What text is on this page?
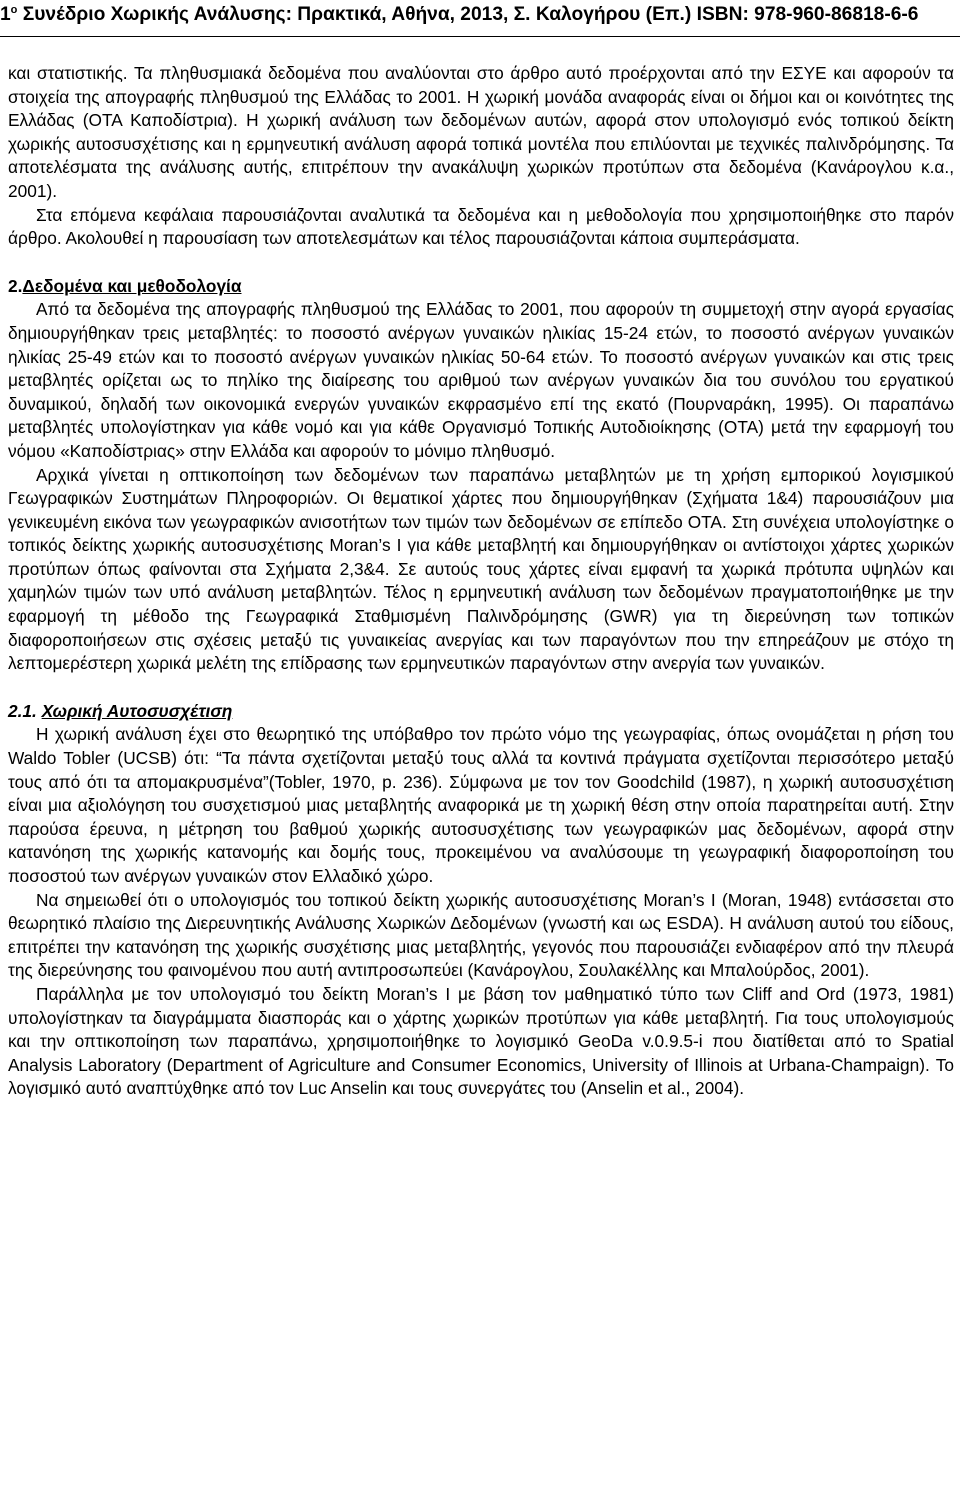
$1^o$ Συνέδριο Χωρικής Ανάλυσης: Πρακτικά, Αθήνα, 2013, Σ. Καλογήρου (Επ.) ISBN: 978-960-86818-6-6

και στατιστικής. Τα πληθυσμιακά δεδομένα που αναλύονται στο άρθρο αυτό προέρχονται από την ΕΣΥΕ και αφορούν τα στοιχεία της απογραφής πληθυσμού της Ελλάδας το 2001. Η χωρική μονάδα αναφοράς είναι οι δήμοι και οι κοινότητες της Ελλάδας (ΟΤΑ Καποδίστρια). Η χωρική ανάλυση των δεδομένων αυτών, αφορά στον υπολογισμό ενός τοπικού δείκτη χωρικής αυτοσυσχέτισης και η ερμηνευτική ανάλυση αφορά τοπικά μοντέλα που επιλύονται με τεχνικές παλινδρόμησης. Τα αποτελέσματα της ανάλυσης αυτής, επιτρέπουν την ανακάλυψη χωρικών προτύπων στα δεδομένα (Κανάρογλου κ.α., 2001).

Στα επόμενα κεφάλαια παρουσιάζονται αναλυτικά τα δεδομένα και η μεθοδολογία που χρησιμοποιήθηκε στο παρόν άρθρο. Ακολουθεί η παρουσίαση των αποτελεσμάτων και τέλος παρουσιάζονται κάποια συμπεράσματα.

2.Δεδομένα και μεθοδολογία

Από τα δεδομένα της απογραφής πληθυσμού της Ελλάδας το 2001, που αφορούν τη συμμετοχή στην αγορά εργασίας δημιουργήθηκαν τρεις μεταβλητές: το ποσοστό ανέργων γυναικών ηλικίας 15-24 ετών, το ποσοστό ανέργων γυναικών ηλικίας 25-49 ετών και το ποσοστό ανέργων γυναικών ηλικίας 50-64 ετών. Το ποσοστό ανέργων γυναικών και στις τρεις μεταβλητές ορίζεται ως το πηλίκο της διαίρεσης του αριθμού των ανέργων γυναικών δια του συνόλου του εργατικού δυναμικού, δηλαδή των οικονομικά ενεργών γυναικών εκφρασμένο επί της εκατό (Πουρναράκη, 1995). Οι παραπάνω μεταβλητές υπολογίστηκαν για κάθε νομό και για κάθε Οργανισμό Τοπικής Αυτοδιοίκησης (ΟΤΑ) μετά την εφαρμογή του νόμου «Καποδίστριας» στην Ελλάδα και αφορούν το μόνιμο πληθυσμό.

Αρχικά γίνεται η οπτικοποίηση των δεδομένων των παραπάνω μεταβλητών με τη χρήση εμπορικού λογισμικού Γεωγραφικών Συστημάτων Πληροφοριών. Οι θεματικοί χάρτες που δημιουργήθηκαν (Σχήματα 1&4) παρουσιάζουν μια γενικευμένη εικόνα των γεωγραφικών ανισοτήτων των τιμών των δεδομένων σε επίπεδο ΟΤΑ. Στη συνέχεια υπολογίστηκε ο τοπικός δείκτης χωρικής αυτοσυσχέτισης Moran’s I για κάθε μεταβλητή και δημιουργήθηκαν οι αντίστοιχοι χάρτες χωρικών προτύπων όπως φαίνονται στα Σχήματα 2,3&4. Σε αυτούς τους χάρτες είναι εμφανή τα χωρικά πρότυπα υψηλών και χαμηλών τιμών των υπό ανάλυση μεταβλητών. Τέλος η ερμηνευτική ανάλυση των δεδομένων πραγματοποιήθηκε με την εφαρμογή τη μέθοδο της Γεωγραφικά Σταθμισμένη Παλινδρόμησης (GWR) για τη διερεύνηση των τοπικών διαφοροποιήσεων στις σχέσεις μεταξύ τις γυναικείας ανεργίας και των παραγόντων που την επηρεάζουν με στόχο τη λεπτομερέστερη χωρικά μελέτη της επίδρασης των ερμηνευτικών παραγόντων στην ανεργία των γυναικών.

2.1. Χωρική Αυτοσυσχέτιση

Η χωρική ανάλυση έχει στο θεωρητικό της υπόβαθρο τον πρώτο νόμο της γεωγραφίας, όπως ονομάζεται η ρήση του Waldo Tobler (UCSB) ότι: “Τα πάντα σχετίζονται μεταξύ τους αλλά τα κοντινά πράγματα σχετίζονται περισσότερο μεταξύ τους από ότι τα απομακρυσμένα”(Tobler, 1970, p. 236). Σύμφωνα με τον τον Goodchild (1987), η χωρική αυτοσυσχέτιση είναι μια αξιολόγηση του συσχετισμού μιας μεταβλητής αναφορικά με τη χωρική θέση στην οποία παρατηρείται αυτή. Στην παρούσα έρευνα, η μέτρηση του βαθμού χωρικής αυτοσυσχέτισης των γεωγραφικών μας δεδομένων, αφορά στην κατανόηση της χωρικής κατανομής και δομής τους, προκειμένου να αναλύσουμε τη γεωγραφική διαφοροποίηση του ποσοστού των ανέργων γυναικών στον Ελλαδικό χώρο.

Να σημειωθεί ότι ο υπολογισμός του τοπικού δείκτη χωρικής αυτοσυσχέτισης Moran’s I (Moran, 1948) εντάσσεται στο θεωρητικό πλαίσιο της Διερευνητικής Ανάλυσης Χωρικών Δεδομένων (γνωστή και ως ESDA). Η ανάλυση αυτού του είδους, επιτρέπει την κατανόηση της χωρικής συσχέτισης μιας μεταβλητής, γεγονός που παρουσιάζει ενδιαφέρον από την πλευρά της διερεύνησης του φαινομένου που αυτή αντιπροσωπεύει (Κανάρογλου, Σουλακέλλης και Μπαλούρδος, 2001).

Παράλληλα με τον υπολογισμό του δείκτη Moran’s I με βάση τον μαθηματικό τύπο των Cliff and Ord (1973, 1981) υπολογίστηκαν τα διαγράμματα διασποράς και ο χάρτης χωρικών προτύπων για κάθε μεταβλητή. Για τους υπολογισμούς και την οπτικοποίηση των παραπάνω, χρησιμοποιήθηκε το λογισμικό GeoDa v.0.9.5-i που διατίθεται από το Spatial Analysis Laboratory (Department of Agriculture and Consumer Economics, University of Illinois at Urbana-Champaign). Το λογισμικό αυτό αναπτύχθηκε από τον Luc Anselin και τους συνεργάτες του (Anselin et al., 2004).
